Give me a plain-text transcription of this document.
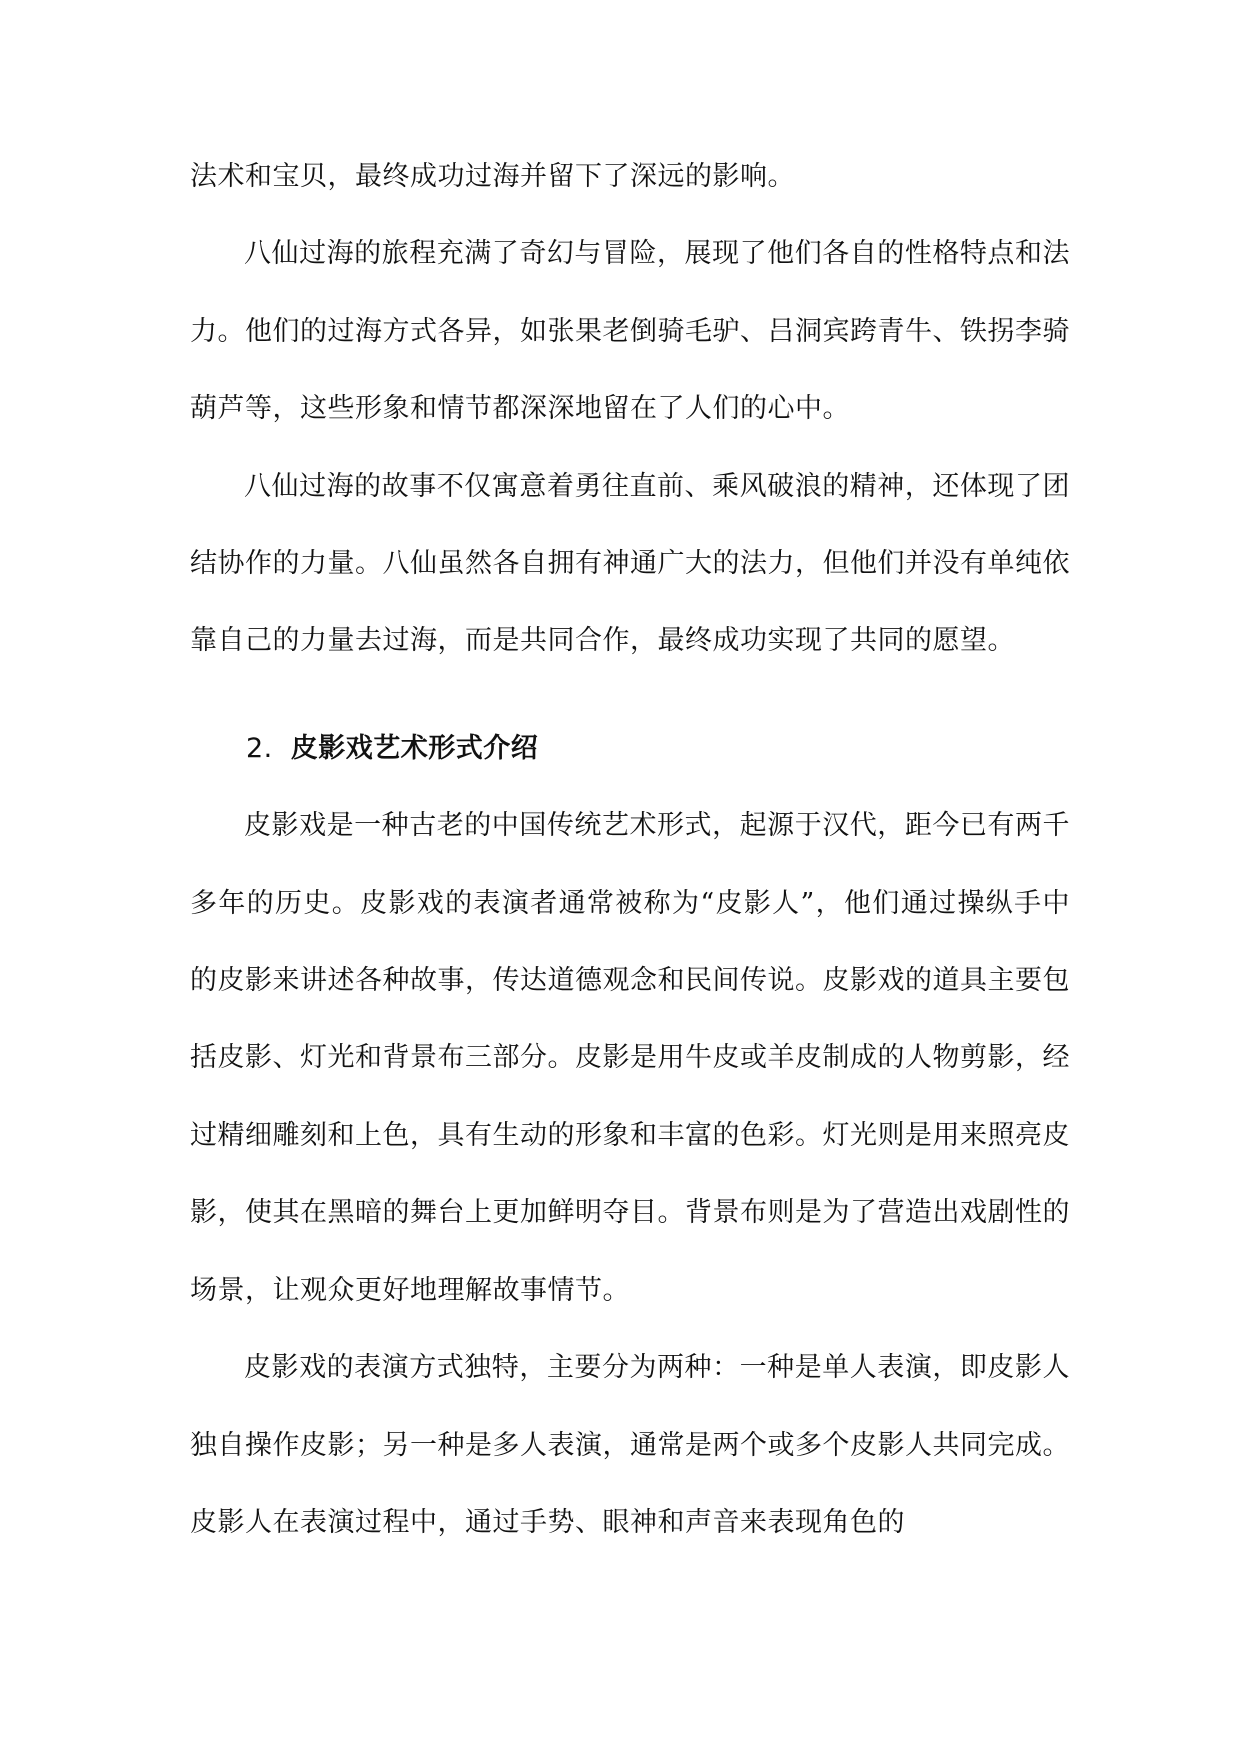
法术和宝贝，最终成功过海并留下了深远的影响。

八仙过海的旅程充满了奇幻与冒险，展现了他们各自的性格特点和法力。他们的过海方式各异，如张果老倒骑毛驴、吕洞宾跨青牛、铁拐李骑葫芦等，这些形象和情节都深深地留在了人们的心中。

八仙过海的故事不仅寓意着勇往直前、乘风破浪的精神，还体现了团结协作的力量。八仙虽然各自拥有神通广大的法力，但他们并没有单纯依靠自己的力量去过海，而是共同合作，最终成功实现了共同的愿望。

2. 皮影戏艺术形式介绍

皮影戏是一种古老的中国传统艺术形式，起源于汉代，距今已有两千多年的历史。皮影戏的表演者通常被称为“皮影人”，他们通过操纵手中的皮影来讲述各种故事，传达道德观念和民间传说。皮影戏的道具主要包括皮影、灯光和背景布三部分。皮影是用牛皮或羊皮制成的人物剪影，经过精细雕刻和上色，具有生动的形象和丰富的色彩。灯光则是用来照亮皮影，使其在黑暗的舞台上更加鲜明夺目。背景布则是为了营造出戏剧性的场景，让观众更好地理解故事情节。

皮影戏的表演方式独特，主要分为两种：一种是单人表演，即皮影人独自操作皮影；另一种是多人表演，通常是两个或多个皮影人共同完成。皮影人在表演过程中，通过手势、眼神和声音来表现角色的
